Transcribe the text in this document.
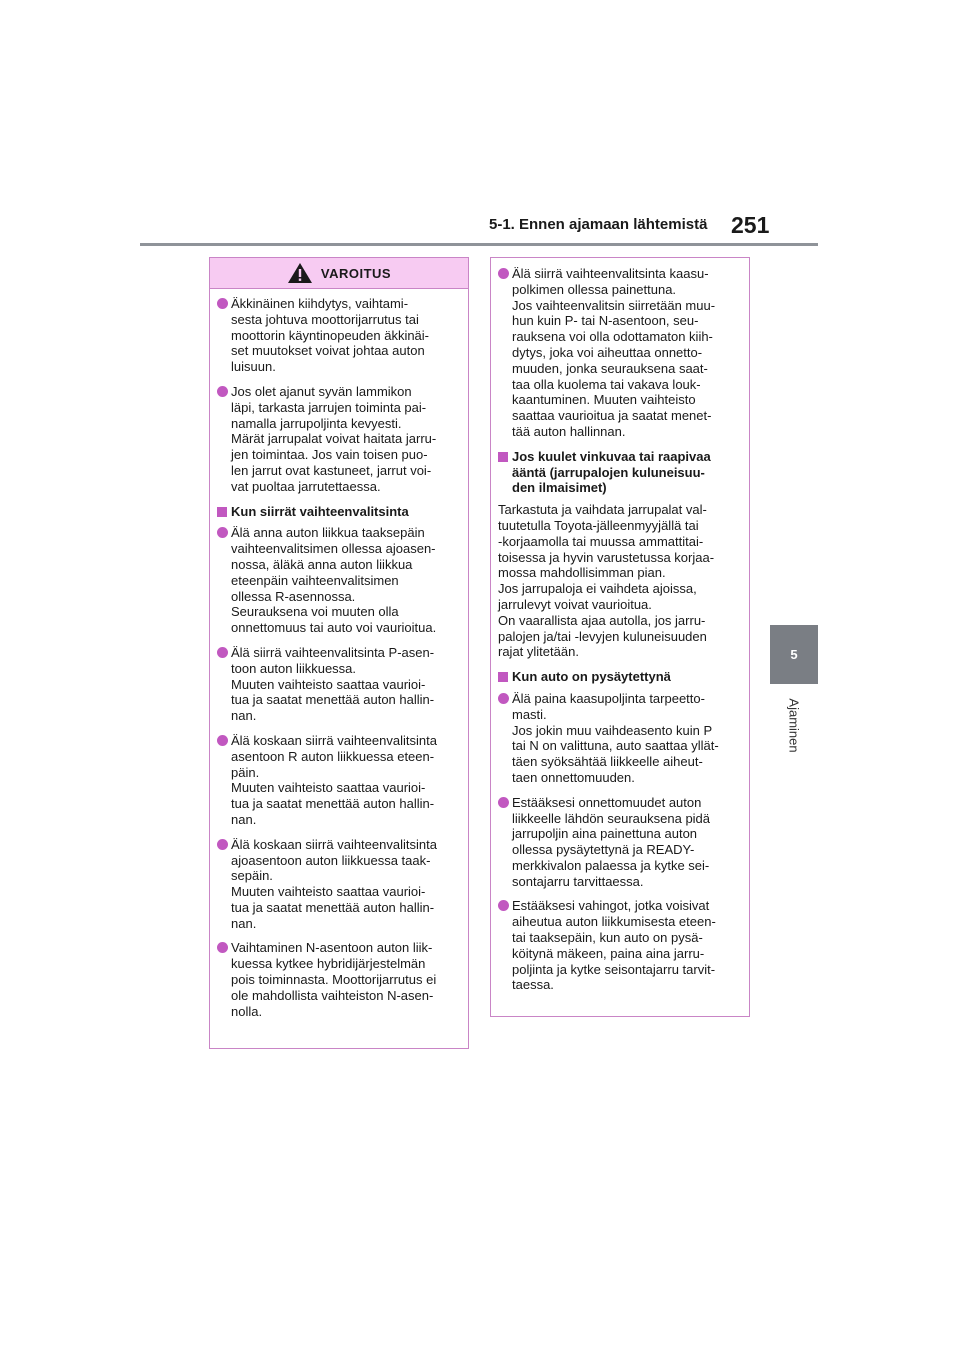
5-1. Ennen ajamaan lähtemistä 251
5
Ajaminen
VAROITUS
Äkkinäinen kiihdytys, vaihtami-
sesta johtuva moottorijarrutus tai
moottorin käyntinopeuden äkkinäi-
set muutokset voivat johtaa auton
luisuun.
Jos olet ajanut syvän lammikon
läpi, tarkasta jarrujen toiminta pai-
namalla jarrupoljinta kevyesti.
Märät jarrupalat voivat haitata jarru-
jen toimintaa. Jos vain toisen puo-
len jarrut ovat kastuneet, jarrut voi-
vat puoltaa jarrutettaessa.
Kun siirrät vaihteenvalitsinta
Älä anna auton liikkua taaksepäin
vaihteenvalitsimen ollessa ajoasen-
nossa, äläkä anna auton liikkua
eteenpäin vaihteenvalitsimen
ollessa R-asennossa.
Seurauksena voi muuten olla
onnettomuus tai auto voi vaurioitua.
Älä siirrä vaihteenvalitsinta P-asen-
toon auton liikkuessa.
Muuten vaihteisto saattaa vaurioi-
tua ja saatat menettää auton hallin-
nan.
Älä koskaan siirrä vaihteenvalitsinta
asentoon R auton liikkuessa eteen-
päin.
Muuten vaihteisto saattaa vaurioi-
tua ja saatat menettää auton hallin-
nan.
Älä koskaan siirrä vaihteenvalitsinta
ajoasentoon auton liikkuessa taak-
sepäin.
Muuten vaihteisto saattaa vaurioi-
tua ja saatat menettää auton hallin-
nan.
Vaihtaminen N-asentoon auton liik-
kuessa kytkee hybridijärjestelmän
pois toiminnasta. Moottorijarrutus ei
ole mahdollista vaihteiston N-asen-
nolla.
Älä siirrä vaihteenvalitsinta kaasu-
polkimen ollessa painettuna.
Jos vaihteenvalitsin siirretään muu-
hun kuin P- tai N-asentoon, seu-
rauksena voi olla odottamaton kiih-
dytys, joka voi aiheuttaa onnetto-
muuden, jonka seurauksena saat-
taa olla kuolema tai vakava louk-
kaantuminen. Muuten vaihteisto
saattaa vaurioitua ja saatat menet-
tää auton hallinnan.
Jos kuulet vinkuvaa tai raapivaa
ääntä (jarrupalojen kuluneisuu-
den ilmaisimet)
Tarkastuta ja vaihdata jarrupalat val-
tuutetulla Toyota-jälleenmyyjällä tai
-korjaamolla tai muussa ammattitai-
toisessa ja hyvin varustetussa korjaa-
mossa mahdollisimman pian.
Jos jarrupaloja ei vaihdeta ajoissa,
jarrulevyt voivat vaurioitua.
On vaarallista ajaa autolla, jos jarru-
palojen ja/tai -levyjen kuluneisuuden
rajat ylitetään.
Kun auto on pysäytettynä
Älä paina kaasupoljinta tarpeetto-
masti.
Jos jokin muu vaihdeasento kuin P
tai N on valittuna, auto saattaa yllät-
täen syöksähtää liikkeelle aiheut-
taen onnettomuuden.
Estääksesi onnettomuudet auton
liikkeelle lähdön seurauksena pidä
jarrupoljin aina painettuna auton
ollessa pysäytettynä ja READY-
merkkivalon palaessa ja kytke sei-
sontajarru tarvittaessa.
Estääksesi vahingot, jotka voisivat
aiheutua auton liikkumisesta eteen-
tai taaksepäin, kun auto on pysä-
köitynä mäkeen, paina aina jarru-
poljinta ja kytke seisontajarru tarvit-
taessa.
